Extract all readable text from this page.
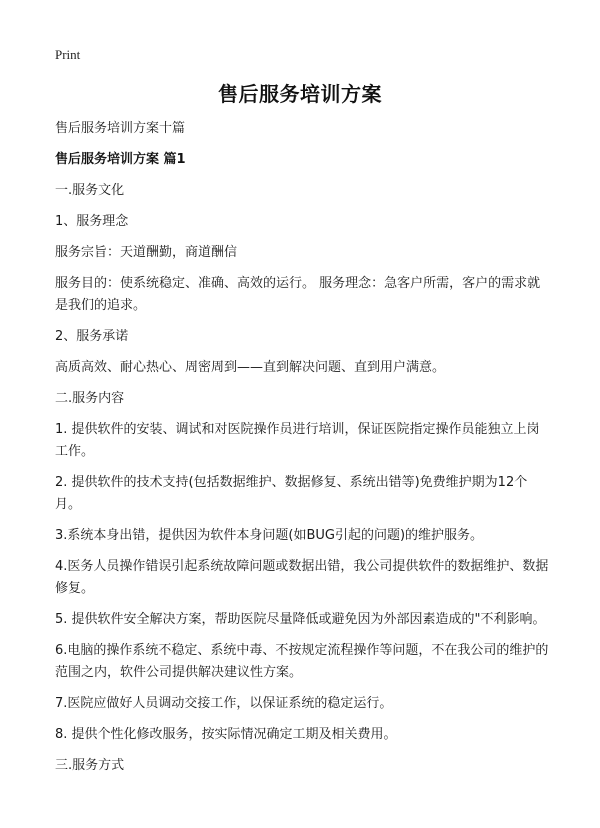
Print
售后服务培训方案

售后服务培训方案十篇

售后服务培训方案 篇1

一.服务文化

1、服务理念

服务宗旨：天道酬勤，商道酬信

服务目的：使系统稳定、准确、高效的运行。 服务理念：急客户所需，客户的需求就是我们的追求。

2、服务承诺

高质高效、耐心热心、周密周到——直到解决问题、直到用户满意。

二.服务内容

1. 提供软件的安装、调试和对医院操作员进行培训，保证医院指定操作员能独立上岗工作。

2. 提供软件的技术支持(包括数据维护、数据修复、系统出错等)免费维护期为12个月。

3.系统本身出错，提供因为软件本身问题(如BUG引起的问题)的维护服务。

4.医务人员操作错误引起系统故障问题或数据出错，我公司提供软件的数据维护、数据修复。

5. 提供软件安全解决方案，帮助医院尽量降低或避免因为外部因素造成的"不利影响。

6.电脑的操作系统不稳定、系统中毒、不按规定流程操作等问题，不在我公司的维护的范围之内，软件公司提供解决建议性方案。

7.医院应做好人员调动交接工作，以保证系统的稳定运行。

8. 提供个性化修改服务，按实际情况确定工期及相关费用。

三.服务方式
